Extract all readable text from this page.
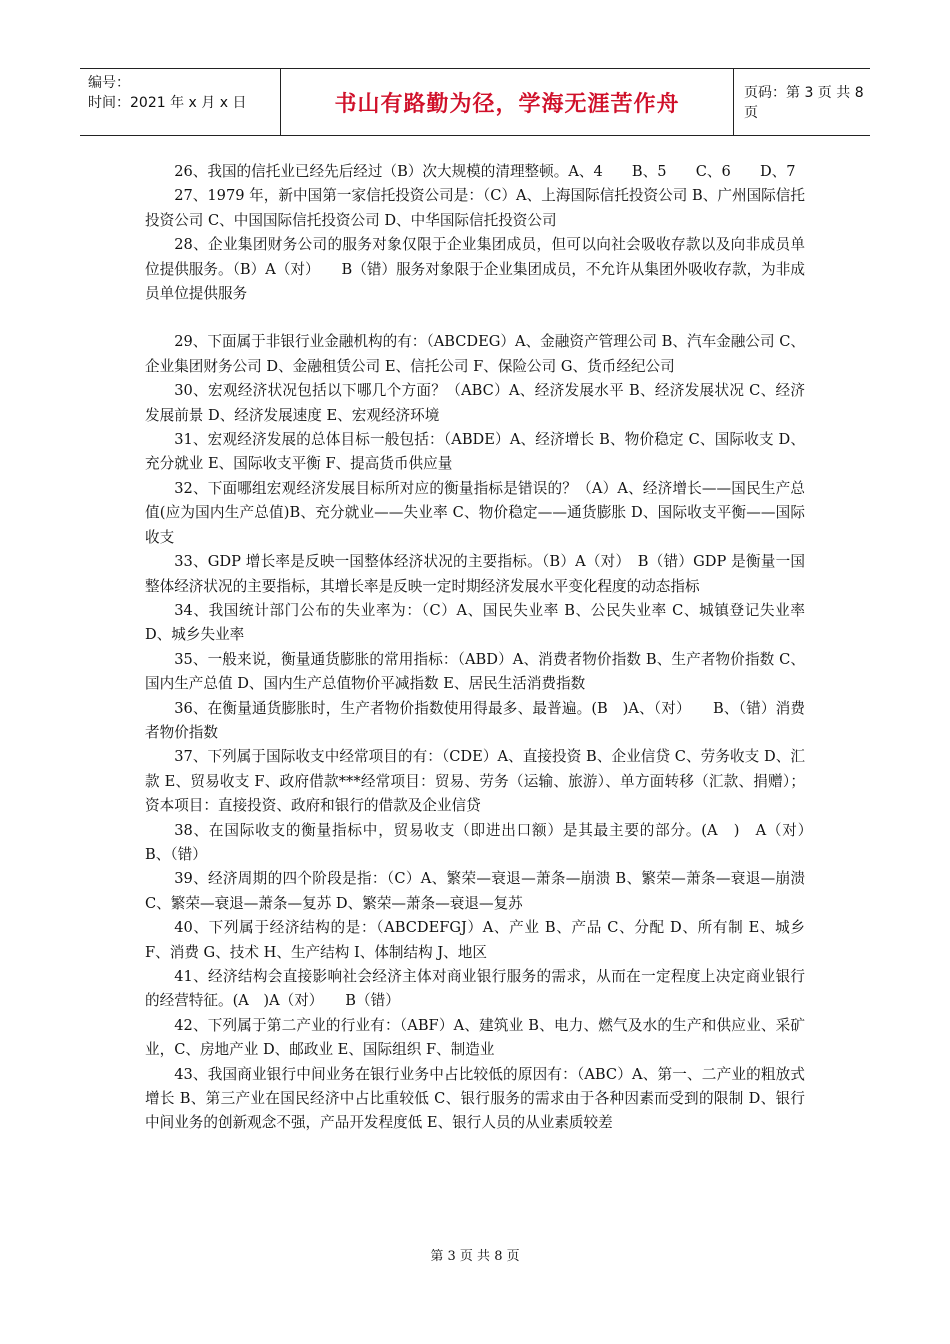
编号：
时间：2021 年 x 月 x 日	书山有路勤为径，学海无涯苦作舟	页码：第 3 页 共 8 页

26、我国的信托业已经先后经过（B）次大规模的清理整顿。A、4　　B、5　　C、6　　D、7

27、1979 年，新中国第一家信托投资公司是：（C）A、上海国际信托投资公司 B、广州国际信托投资公司 C、中国国际信托投资公司 D、中华国际信托投资公司

28、企业集团财务公司的服务对象仅限于企业集团成员，但可以向社会吸收存款以及向非成员单位提供服务。（B）A（对）　　B（错）服务对象限于企业集团成员，不允许从集团外吸收存款，为非成员单位提供服务

29、下面属于非银行业金融机构的有：（ABCDEG）A、金融资产管理公司 B、汽车金融公司 C、企业集团财务公司 D、金融租赁公司 E、信托公司 F、保险公司 G、货币经纪公司

30、宏观经济状况包括以下哪几个方面？（ABC）A、经济发展水平 B、经济发展状况 C、经济发展前景 D、经济发展速度 E、宏观经济环境

31、宏观经济发展的总体目标一般包括：（ABDE）A、经济增长 B、物价稳定 C、国际收支 D、充分就业 E、国际收支平衡 F、提高货币供应量

32、下面哪组宏观经济发展目标所对应的衡量指标是错误的？（A）A、经济增长——国民生产总值(应为国内生产总值)B、充分就业——失业率 C、物价稳定——通货膨胀 D、国际收支平衡——国际收支

33、GDP 增长率是反映一国整体经济状况的主要指标。（B）A（对）　B（错）GDP 是衡量一国整体经济状况的主要指标，其增长率是反映一定时期经济发展水平变化程度的动态指标

34、我国统计部门公布的失业率为：（C）A、国民失业率 B、公民失业率 C、城镇登记失业率 D、城乡失业率

35、一般来说，衡量通货膨胀的常用指标：（ABD）A、消费者物价指数 B、生产者物价指数 C、国内生产总值 D、国内生产总值物价平减指数 E、居民生活消费指数

36、在衡量通货膨胀时，生产者物价指数使用得最多、最普遍。(B　)A、（对）　　B、（错）消费者物价指数

37、下列属于国际收支中经常项目的有：（CDE）A、直接投资 B、企业信贷 C、劳务收支 D、汇款 E、贸易收支 F、政府借款***经常项目：贸易、劳务（运输、旅游）、单方面转移（汇款、捐赠）；资本项目：直接投资、政府和银行的借款及企业信贷

38、在国际收支的衡量指标中，贸易收支（即进出口额）是其最主要的部分。(A　)　A（对）　B、（错）

39、经济周期的四个阶段是指：（C）A、繁荣—衰退—萧条—崩溃 B、繁荣—萧条—衰退—崩溃 C、繁荣—衰退—萧条—复苏 D、繁荣—萧条—衰退—复苏

40、下列属于经济结构的是：（ABCDEFGJ）A、产业 B、产品 C、分配 D、所有制 E、城乡 F、消费 G、技术 H、生产结构 I、体制结构 J、地区

41、经济结构会直接影响社会经济主体对商业银行服务的需求，从而在一定程度上决定商业银行的经营特征。(A　)A（对）　　B（错）

42、下列属于第二产业的行业有：（ABF）A、建筑业 B、电力、燃气及水的生产和供应业、采矿业，C、房地产业 D、邮政业 E、国际组织 F、制造业

43、我国商业银行中间业务在银行业务中占比较低的原因有：（ABC）A、第一、二产业的粗放式增长 B、第三产业在国民经济中占比重较低 C、银行服务的需求由于各种因素而受到的限制 D、银行中间业务的创新观念不强，产品开发程度低 E、银行人员的从业素质较差

第 3 页 共 8 页
